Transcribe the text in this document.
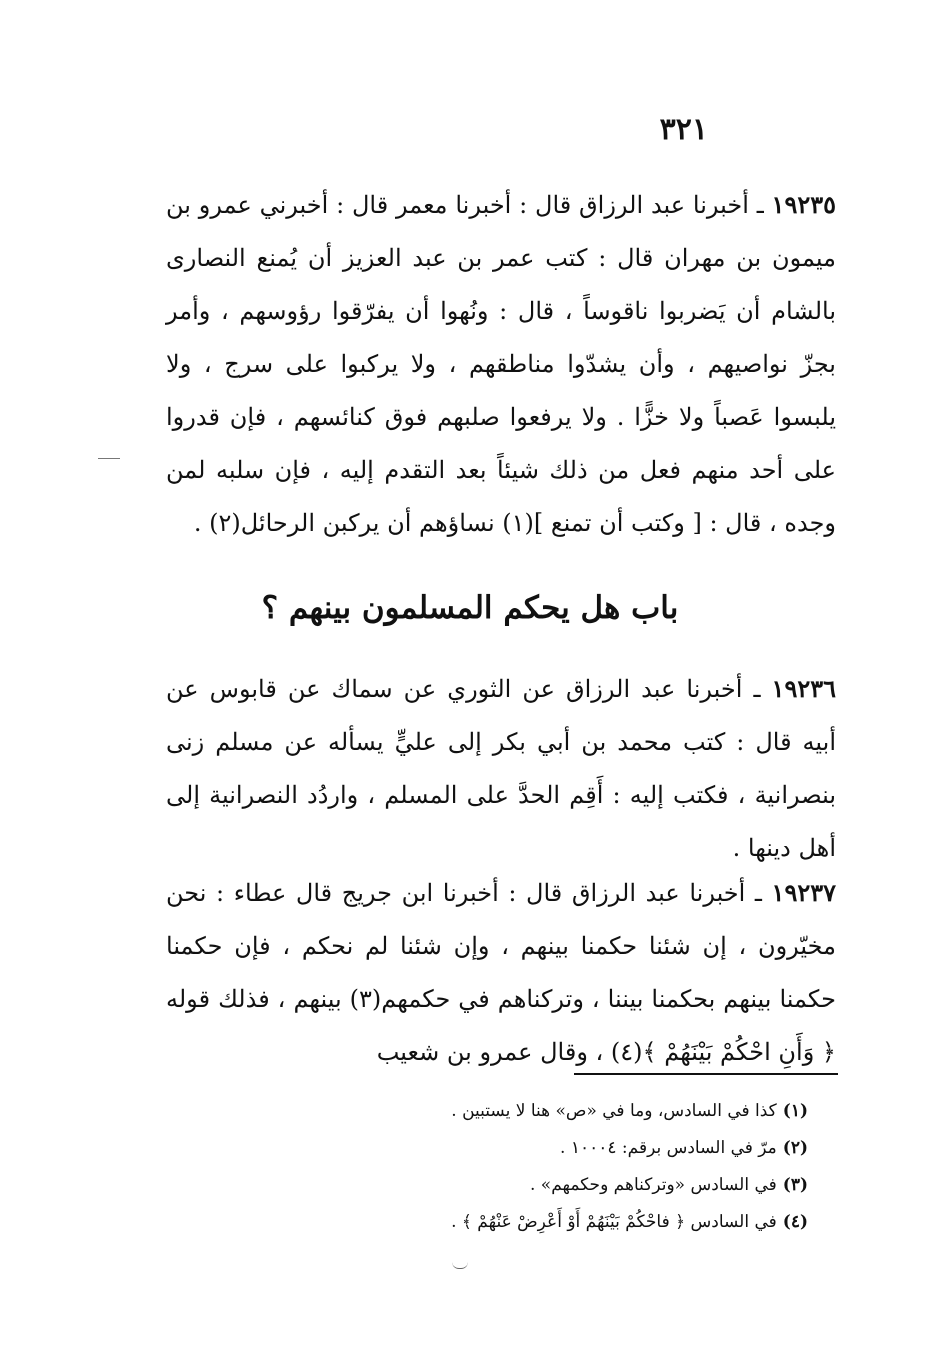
٣٢١
١٩٢٣٥ ـ أخبرنا عبد الرزاق قال : أخبرنا معمر قال : أخبرني عمرو بن ميمون بن مهران قال : كتب عمر بن عبد العزيز أن يُمنع النصارى بالشام أن يَضربوا ناقوساً ، قال : ونُهوا أن يفرّقوا رؤوسهم ، وأمر بجزّ نواصيهم ، وأن يشدّوا مناطقهم ، ولا يركبوا على سرج ، ولا يلبسوا عَصباً ولا خزًّا . ولا يرفعوا صلبهم فوق كنائسهم ، فإن قدروا على أحد منهم فعل من ذلك شيئاً بعد التقدم إليه ، فإن سلبه لمن وجده ، قال : [ وكتب أن تمنع ](١) نساؤهم أن يركبن الرحائل(٢) .
باب هل يحكم المسلمون بينهم ؟
١٩٢٣٦ ـ أخبرنا عبد الرزاق عن الثوري عن سماك عن قابوس عن أبيه قال : كتب محمد بن أبي بكر إلى عليٍّ يسأله عن مسلم زنى بنصرانية ، فكتب إليه : أَقِم الحدَّ على المسلم ، واردُد النصرانية إلى أهل دينها .
١٩٢٣٧ ـ أخبرنا عبد الرزاق قال : أخبرنا ابن جريج قال عطاء : نحن مخيّرون ، إن شئنا حكمنا بينهم ، وإن شئنا لم نحكم ، فإن حكمنا حكمنا بينهم بحكمنا بيننا ، وتركناهم في حكمهم(٣) بينهم ، فذلك قوله ﴿ وَأَنِ احْكُمْ بَيْنَهُمْ ﴾(٤) ، وقال عمرو بن شعيب
(١)كذا في السادس، وما في «ص» هنا لا يستبين .
(٢)مرّ في السادس برقم: ١٠٠٠٤ .
(٣)في السادس «وتركناهم وحكمهم» .
(٤)في السادس ﴿ فاحْكُمْ بَيْنَهُمْ أَوْ أَعْرِضْ عَنْهُمْ ﴾ .
